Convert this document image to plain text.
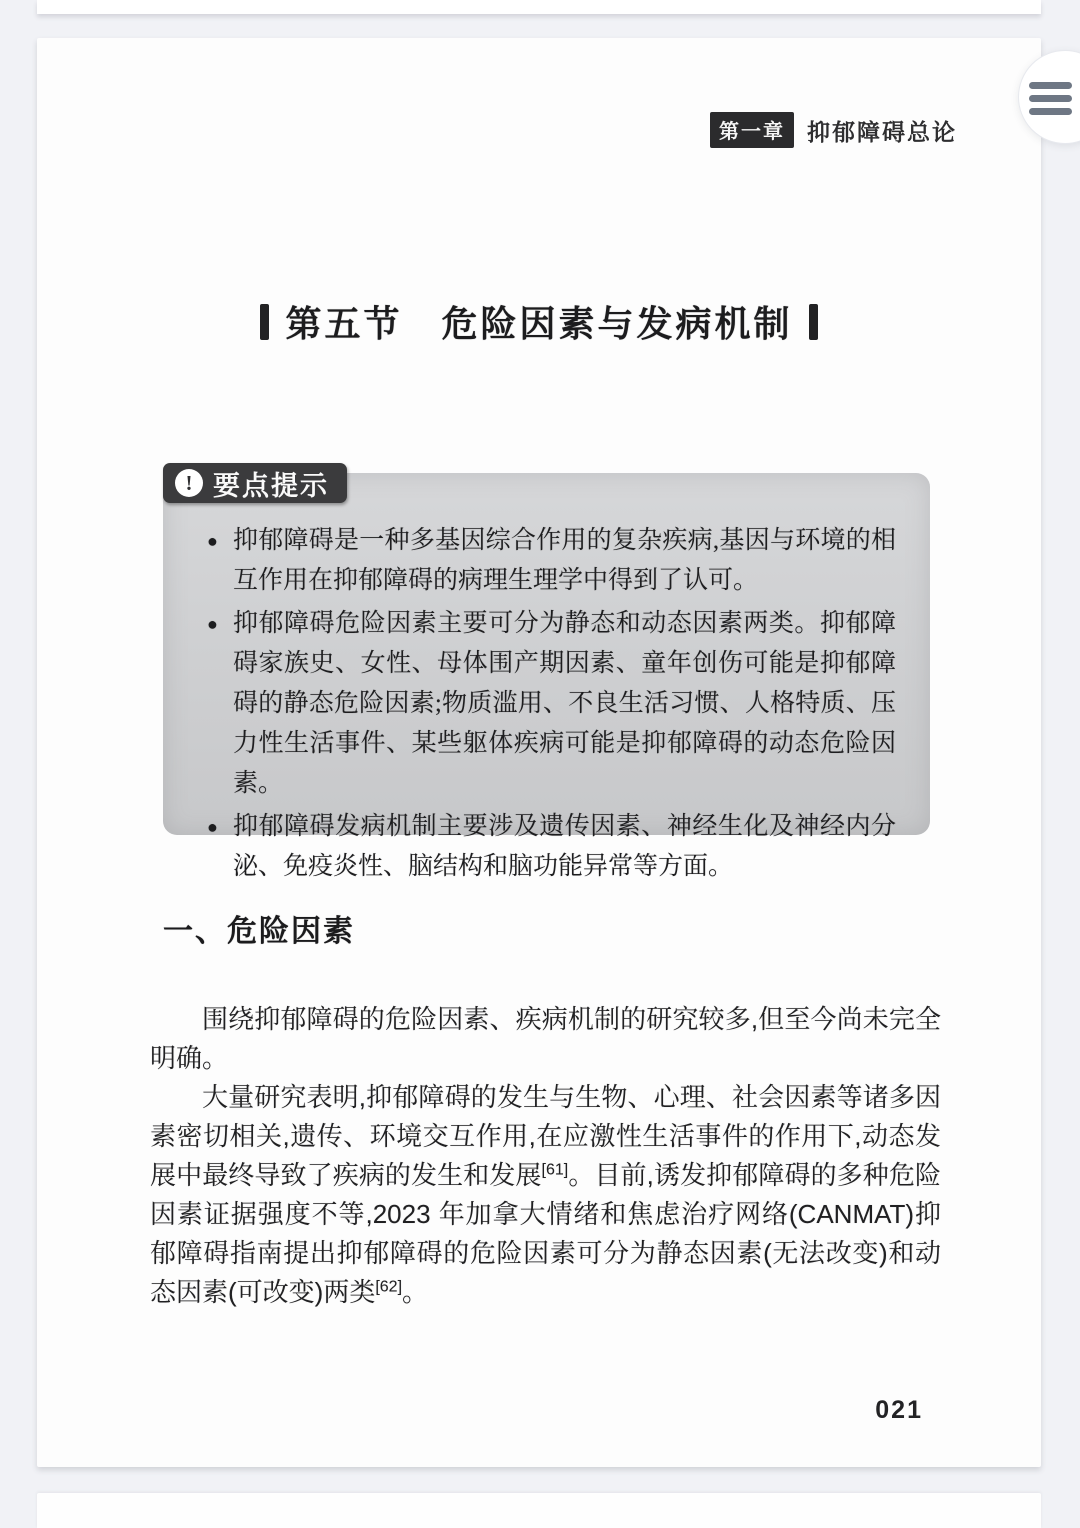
第一章 抑郁障碍总论
第五节　危险因素与发病机制
! 要点提示
● 抑郁障碍是一种多基因综合作用的复杂疾病,基因与环境的相互作用在抑郁障碍的病理生理学中得到了认可。
● 抑郁障碍危险因素主要可分为静态和动态因素两类。抑郁障碍家族史、女性、母体围产期因素、童年创伤可能是抑郁障碍的静态危险因素;物质滥用、不良生活习惯、人格特质、压力性生活事件、某些躯体疾病可能是抑郁障碍的动态危险因素。
● 抑郁障碍发病机制主要涉及遗传因素、神经生化及神经内分泌、免疫炎性、脑结构和脑功能异常等方面。
一、危险因素

围绕抑郁障碍的危险因素、疾病机制的研究较多,但至今尚未完全明确。

大量研究表明,抑郁障碍的发生与生物、心理、社会因素等诸多因素密切相关,遗传、环境交互作用,在应激性生活事件的作用下,动态发展中最终导致了疾病的发生和发展[61]。目前,诱发抑郁障碍的多种危险因素证据强度不等,2023 年加拿大情绪和焦虑治疗网络(CANMAT)抑郁障碍指南提出抑郁障碍的危险因素可分为静态因素(无法改变)和动态因素(可改变)两类[62]。

021
